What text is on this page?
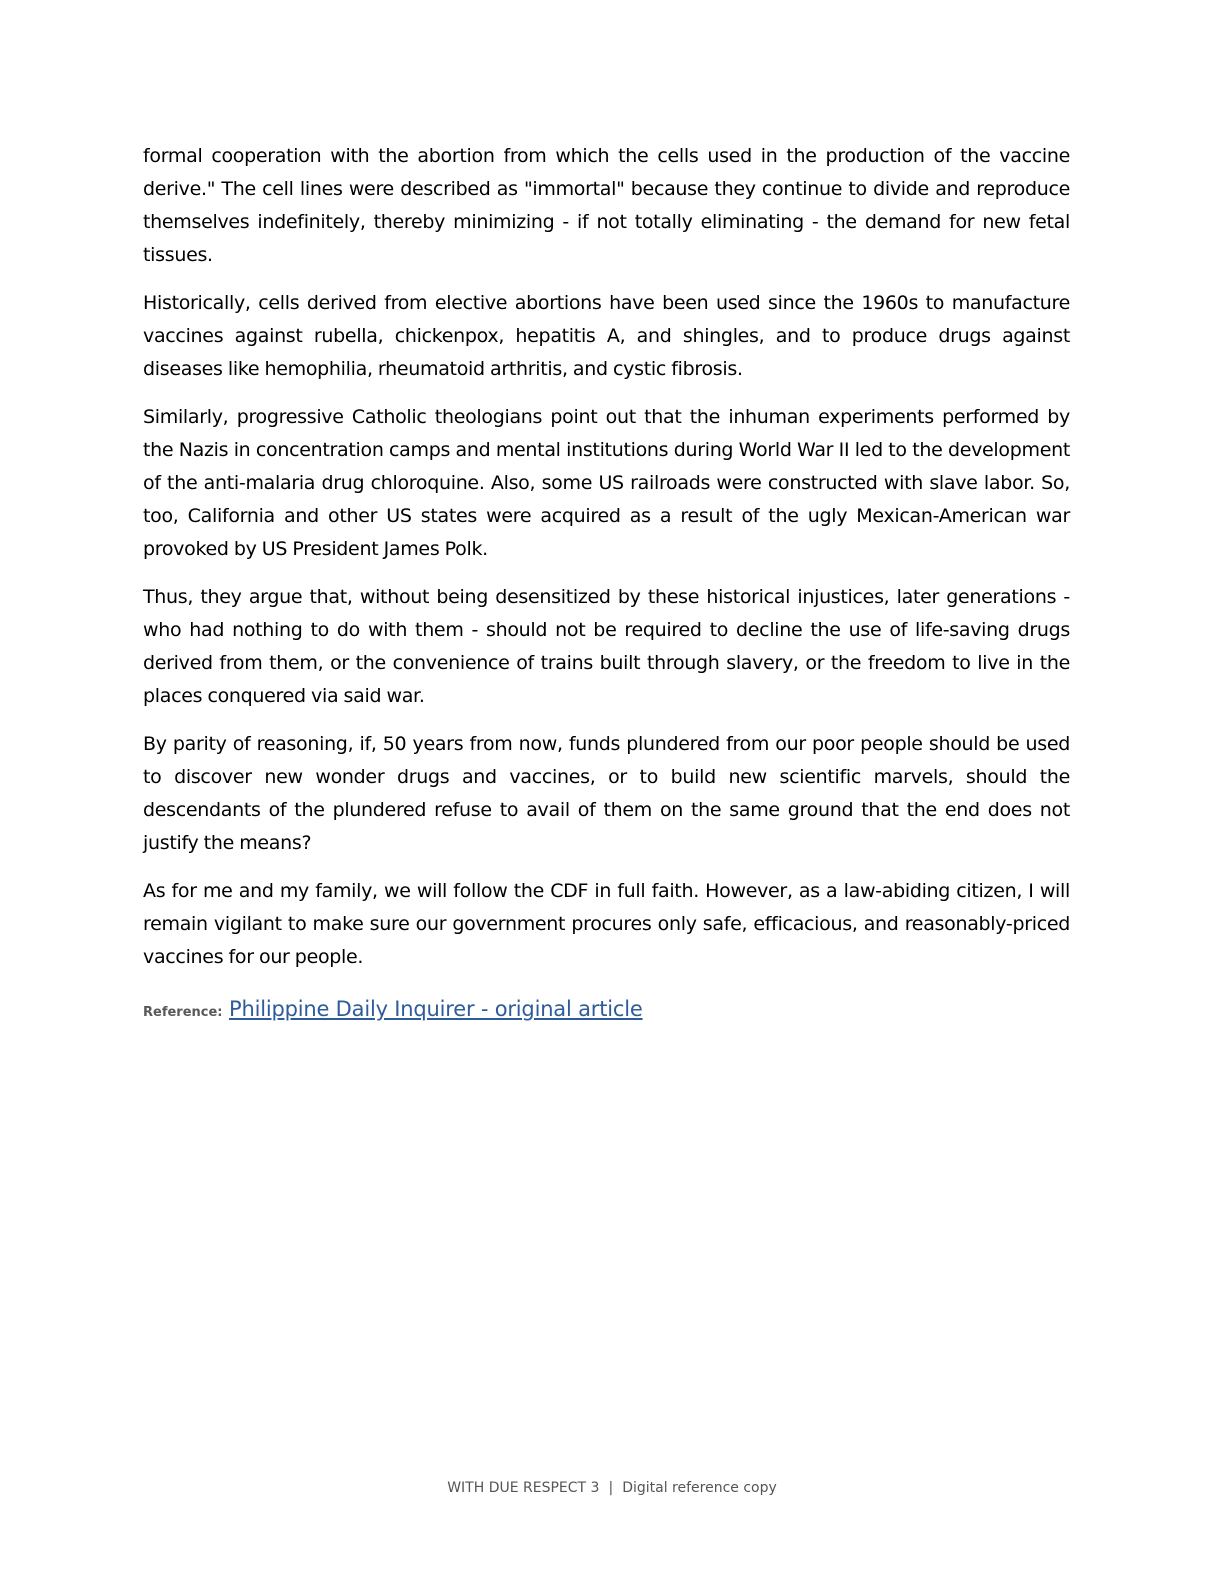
formal cooperation with the abortion from which the cells used in the production of the vaccine derive." The cell lines were described as "immortal" because they continue to divide and reproduce themselves indefinitely, thereby minimizing - if not totally eliminating - the demand for new fetal tissues.

Historically, cells derived from elective abortions have been used since the 1960s to manufacture vaccines against rubella, chickenpox, hepatitis A, and shingles, and to produce drugs against diseases like hemophilia, rheumatoid arthritis, and cystic fibrosis.

Similarly, progressive Catholic theologians point out that the inhuman experiments performed by the Nazis in concentration camps and mental institutions during World War II led to the development of the anti-malaria drug chloroquine. Also, some US railroads were constructed with slave labor. So, too, California and other US states were acquired as a result of the ugly Mexican-American war provoked by US President James Polk.

Thus, they argue that, without being desensitized by these historical injustices, later generations - who had nothing to do with them - should not be required to decline the use of life-saving drugs derived from them, or the convenience of trains built through slavery, or the freedom to live in the places conquered via said war.

By parity of reasoning, if, 50 years from now, funds plundered from our poor people should be used to discover new wonder drugs and vaccines, or to build new scientific marvels, should the descendants of the plundered refuse to avail of them on the same ground that the end does not justify the means?

As for me and my family, we will follow the CDF in full faith. However, as a law-abiding citizen, I will remain vigilant to make sure our government procures only safe, efficacious, and reasonably-priced vaccines for our people.

Reference: Philippine Daily Inquirer - original article
WITH DUE RESPECT 3 | Digital reference copy
